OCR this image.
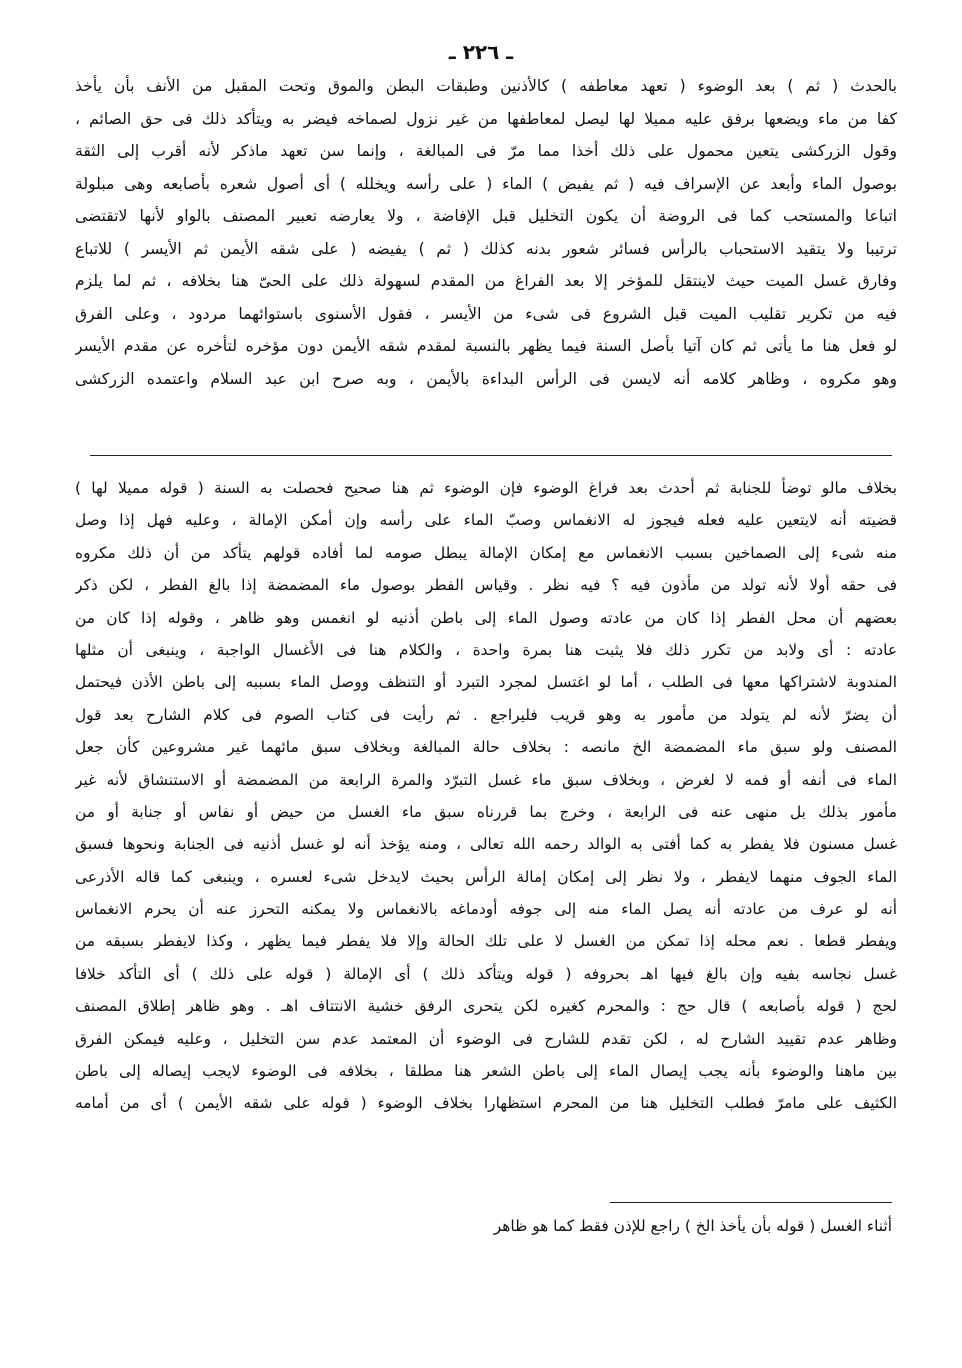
ـ ٢٢٦ ـ
بالحدث ( ثم ) بعد الوضوء ( تعهد معاطفه ) كالأذنين وطبقات البطن والموق وتحت المقبل من الأنف بأن يأخذ
كفا من ماء ويضعها برفق عليه مميلا لها ليصل لمعاطفها من غير نزول لصماخه فيضر به ويتأكد ذلك فى حق الصائم ،
وقول الزركشى يتعين محمول على ذلك أخذا مما مرّ فى المبالغة ، وإنما سن تعهد ماذكر لأنه أقرب إلى الثقة
بوصول الماء وأبعد عن الإسراف فيه ( ثم يفيض ) الماء ( على رأسه ويخلله ) أى أصول شعره بأصابعه وهى مبلولة
اتباعا والمستحب كما فى الروضة أن يكون التخليل قبل الإفاضة ، ولا يعارضه تعبير المصنف بالواو لأنها لاتقتضى
ترتيبا ولا يتقيد الاستحباب بالرأس فسائر شعور بدنه كذلك ( ثم ) يفيضه ( على شقه الأيمن ثم الأيسر ) للاتباع
وفارق غسل الميت حيث لاينتقل للمؤخر إلا بعد الفراغ من المقدم لسهولة ذلك على الحىّ هنا بخلافه ، ثم لما يلزم
فيه من تكرير تقليب الميت قبل الشروع فى شىء من الأيسر ، فقول الأسنوى باستوائهما مردود ، وعلى الفرق
لو فعل هنا ما يأتى ثم كان آتيا بأصل السنة فيما يظهر بالنسبة لمقدم شقه الأيمن دون مؤخره لتأخره عن مقدم الأيسر
وهو مكروه ، وظاهر كلامه أنه لايسن فى الرأس البداءة بالأيمن ، وبه صرح ابن عبد السلام واعتمده الزركشى
بخلاف مالو توضأ للجنابة ثم أحدث بعد فراغ الوضوء فإن الوضوء ثم هنا صحيح فحصلت به السنة ( قوله مميلا لها )
قضيته أنه لايتعين عليه فعله فيجوز له الانغماس وصبّ الماء على رأسه وإن أمكن الإمالة ، وعليه فهل إذا وصل
منه شىء إلى الصماخين بسبب الانغماس مع إمكان الإمالة يبطل صومه لما أفاده قولهم يتأكد من أن ذلك مكروه
فى حقه أولا لأنه تولد من مأذون فيه ؟ فيه نظر . وقياس الفطر بوصول ماء المضمضة إذا بالغ الفطر ، لكن ذكر
بعضهم أن محل الفطر إذا كان من عادته وصول الماء إلى باطن أذنيه لو انغمس وهو ظاهر ، وقوله إذا كان من
عادته : أى ولابد من تكرر ذلك فلا يثبت هنا بمرة واحدة ، والكلام هنا فى الأغسال الواجبة ، وينبغى أن مثلها
المندوبة لاشتراكها معها فى الطلب ، أما لو اغتسل لمجرد التبرد أو التنظف ووصل الماء بسببه إلى باطن الأذن فيحتمل
أن يضرّ لأنه لم يتولد من مأمور به وهو قريب فليراجع . ثم رأيت فى كتاب الصوم فى كلام الشارح بعد قول
المصنف ولو سبق ماء المضمضة الخ مانصه : بخلاف حالة المبالغة وبخلاف سبق مائهما غير مشروعين كأن جعل
الماء فى أنفه أو فمه لا لغرض ، وبخلاف سبق ماء غسل التبرّد والمرة الرابعة من المضمضة أو الاستنشاق لأنه غير
مأمور بذلك بل منهى عنه فى الرابعة ، وخرج بما قررناه سبق ماء الغسل من حيض أو نفاس أو جنابة أو من
غسل مسنون فلا يفطر به كما أفتى به الوالد رحمه الله تعالى ، ومنه يؤخذ أنه لو غسل أذنيه فى الجنابة ونحوها فسبق
الماء الجوف منهما لايفطر ، ولا نظر إلى إمكان إمالة الرأس بحيث لايدخل شىء لعسره ، وينبغى كما قاله الأذرعى
أنه لو عرف من عادته أنه يصل الماء منه إلى جوفه أودماغه بالانغماس ولا يمكنه التحرز عنه أن يحرم الانغماس
ويفطر قطعا . نعم محله إذا تمكن من الغسل لا على تلك الحالة وإلا فلا يفطر فيما يظهر ، وكذا لايفطر بسبقه من
غسل نجاسه بفيه وإن بالغ فيها اهـ بحروفه ( قوله ويتأكد ذلك ) أى الإمالة ( قوله على ذلك ) أى التأكد خلافا
لحج ( قوله بأصابعه ) قال حج : والمحرم كغيره لكن يتحرى الرفق خشية الانتتاف اهـ . وهو ظاهر إطلاق المصنف
وظاهر عدم تقييد الشارح له ، لكن تقدم للشارح فى الوضوء أن المعتمد عدم سن التخليل ، وعليه فيمكن الفرق
بين ماهنا والوضوء بأنه يجب إيصال الماء إلى باطن الشعر هنا مطلقا ، بخلافه فى الوضوء لايجب إيصاله إلى باطن
الكثيف على مامرّ فطلب التخليل هنا من المحرم استظهارا بخلاف الوضوء ( قوله على شقه الأيمن ) أى من أمامه
أثناء الغسل ( قوله بأن يأخذ الخ ) راجع للإذن فقط كما هو ظاهر
